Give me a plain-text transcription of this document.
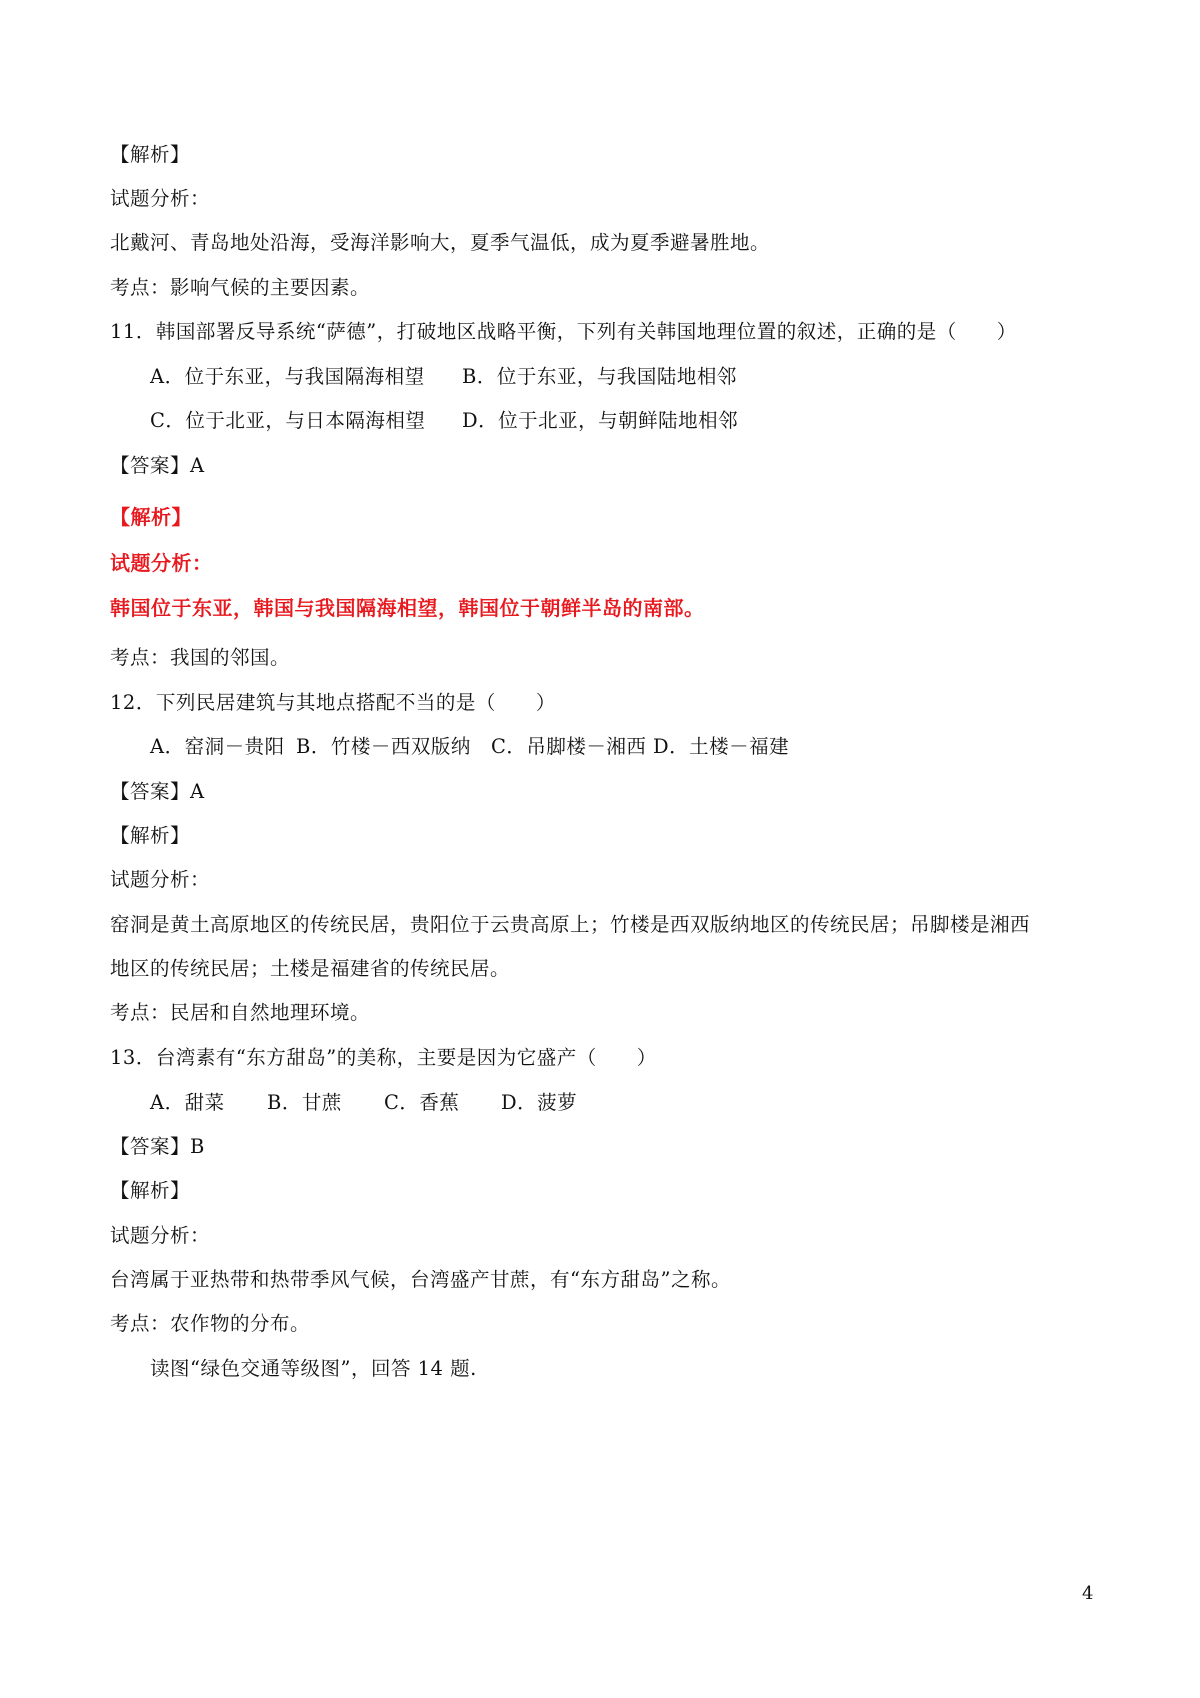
【解析】
试题分析：
北戴河、青岛地处沿海，受海洋影响大，夏季气温低，成为夏季避暑胜地。
考点：影响气候的主要因素。
11．韩国部署反导系统“萨德”，打破地区战略平衡，下列有关韩国地理位置的叙述，正确的是（　　）
A．位于东亚，与我国隔海相望 B．位于东亚，与我国陆地相邻
C．位于北亚，与日本隔海相望 D．位于北亚，与朝鲜陆地相邻
【答案】A
【解析】
试题分析：
韩国位于东亚，韩国与我国隔海相望，韩国位于朝鲜半岛的南部。
考点：我国的邻国。
12．下列民居建筑与其地点搭配不当的是（　　）
A．窑洞－贵阳 B．竹楼－西双版纳 C．吊脚楼－湘西 D．土楼－福建
【答案】A
【解析】
试题分析：
窑洞是黄土高原地区的传统民居，贵阳位于云贵高原上；竹楼是西双版纳地区的传统民居；吊脚楼是湘西
地区的传统民居；土楼是福建省的传统民居。
考点：民居和自然地理环境。
13．台湾素有“东方甜岛”的美称，主要是因为它盛产（　　）
A．甜菜 B．甘蔗 C．香蕉 D．菠萝
【答案】B
【解析】
试题分析：
台湾属于亚热带和热带季风气候，台湾盛产甘蔗，有“东方甜岛”之称。
考点：农作物的分布。
读图“绿色交通等级图”，回答 14 题.
4
